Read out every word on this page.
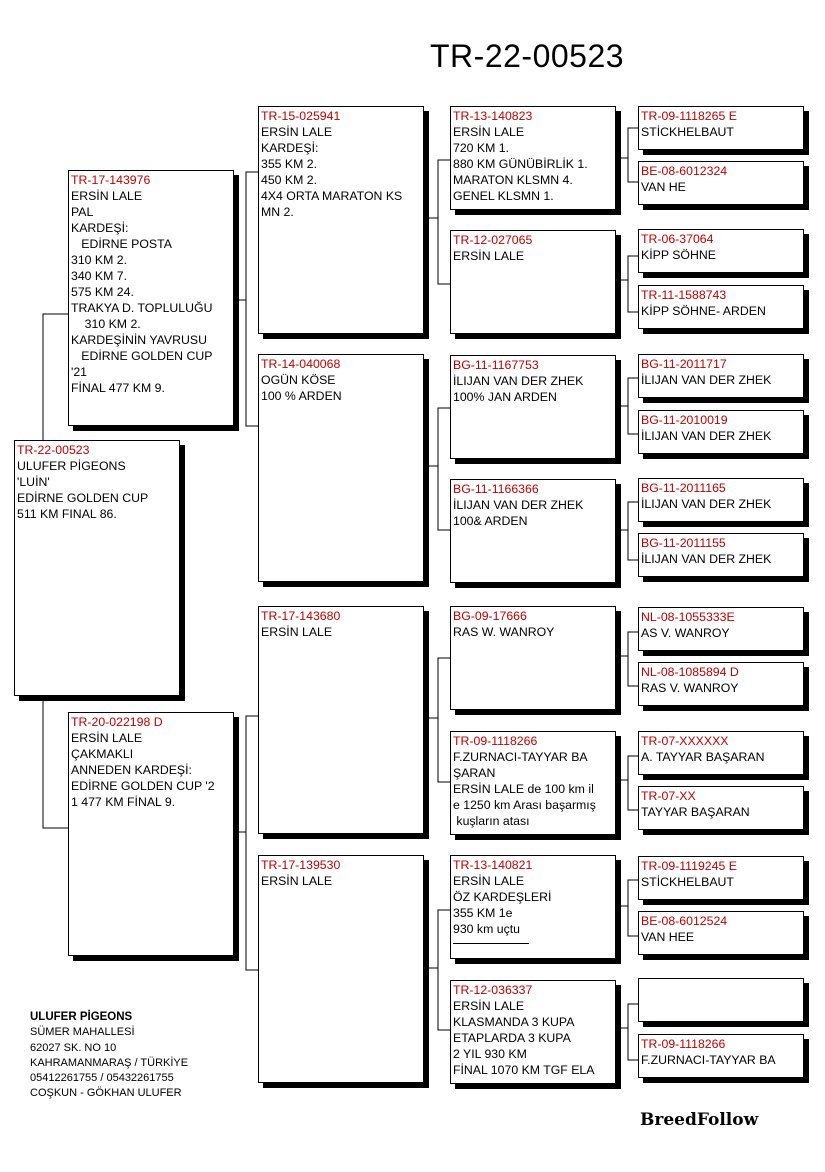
TR-22-00523
TR-22-00523
ULUFER PİGEONS
'LUİN'
EDİRNE GOLDEN CUP
511 KM FINAL 86.
TR-17-143976
ERSİN LALE
PAL
KARDEŞİ:
EDİRNE POSTA
310 KM 2.
340 KM 7.
575 KM 24.
TRAKYA D. TOPLULUĞU
310 KM 2.
KARDEŞİNİN YAVRUSU
EDİRNE GOLDEN CUP
'21
FİNAL 477 KM 9.
TR-20-022198 D
ERSİN LALE
ÇAKMAKLI
ANNEDEN KARDEŞİ:
EDİRNE GOLDEN CUP '2
1 477 KM FİNAL 9.
TR-15-025941
ERSİN LALE
KARDEŞİ:
355 KM 2.
450 KM 2.
4X4 ORTA MARATON KS
MN 2.
TR-14-040068
OGÜN KÖSE
100 % ARDEN
TR-17-143680
ERSİN LALE
TR-17-139530
ERSİN LALE
TR-13-140823
ERSİN LALE
720 KM 1.
880 KM GÜNÜBİRLİK 1.
MARATON KLSMN 4.
GENEL KLSMN 1.
TR-12-027065
ERSİN LALE
BG-11-1167753
İLIJAN VAN DER ZHEK
100% JAN ARDEN
BG-11-1166366
İLIJAN VAN DER ZHEK
100& ARDEN
BG-09-17666
RAS W. WANROY
TR-09-1118266
F.ZURNACI-TAYYAR BA
ŞARAN
ERSİN LALE de 100 km il
e 1250 km Arası başarmış
kuşların atası
TR-13-140821
ERSİN LALE
ÖZ KARDEŞLERİ
355 KM 1e
930 km uçtu
TR-12-036337
ERSİN LALE
KLASMANDA 3 KUPA
ETAPLARDA 3 KUPA
2 YIL 930 KM
FİNAL 1070 KM TGF ELA
TR-09-1118265 E
STİCKHELBAUT
BE-08-6012324
VAN HE
TR-06-37064
KİPP SÖHNE
TR-11-1588743
KİPP SÖHNE- ARDEN
BG-11-2011717
İLIJAN VAN DER ZHEK
BG-11-2010019
İLIJAN VAN DER ZHEK
BG-11-2011165
İLIJAN VAN DER ZHEK
BG-11-2011155
İLIJAN VAN DER ZHEK
NL-08-1055333E
AS V. WANROY
NL-08-1085894 D
RAS V. WANROY
TR-07-XXXXXX
A. TAYYAR BAŞARAN
TR-07-XX
TAYYAR BAŞARAN
TR-09-1119245 E
STİCKHELBAUT
BE-08-6012524
VAN HEE
TR-09-1118266
F.ZURNACI-TAYYAR BA
ULUFER PİGEONS
SÜMER MAHALLESİ
62027 SK. NO 10
KAHRAMANMARAŞ / TÜRKİYE
05412261755 / 05432261755
COŞKUN - GÖKHAN ULUFER
BreedFollow
